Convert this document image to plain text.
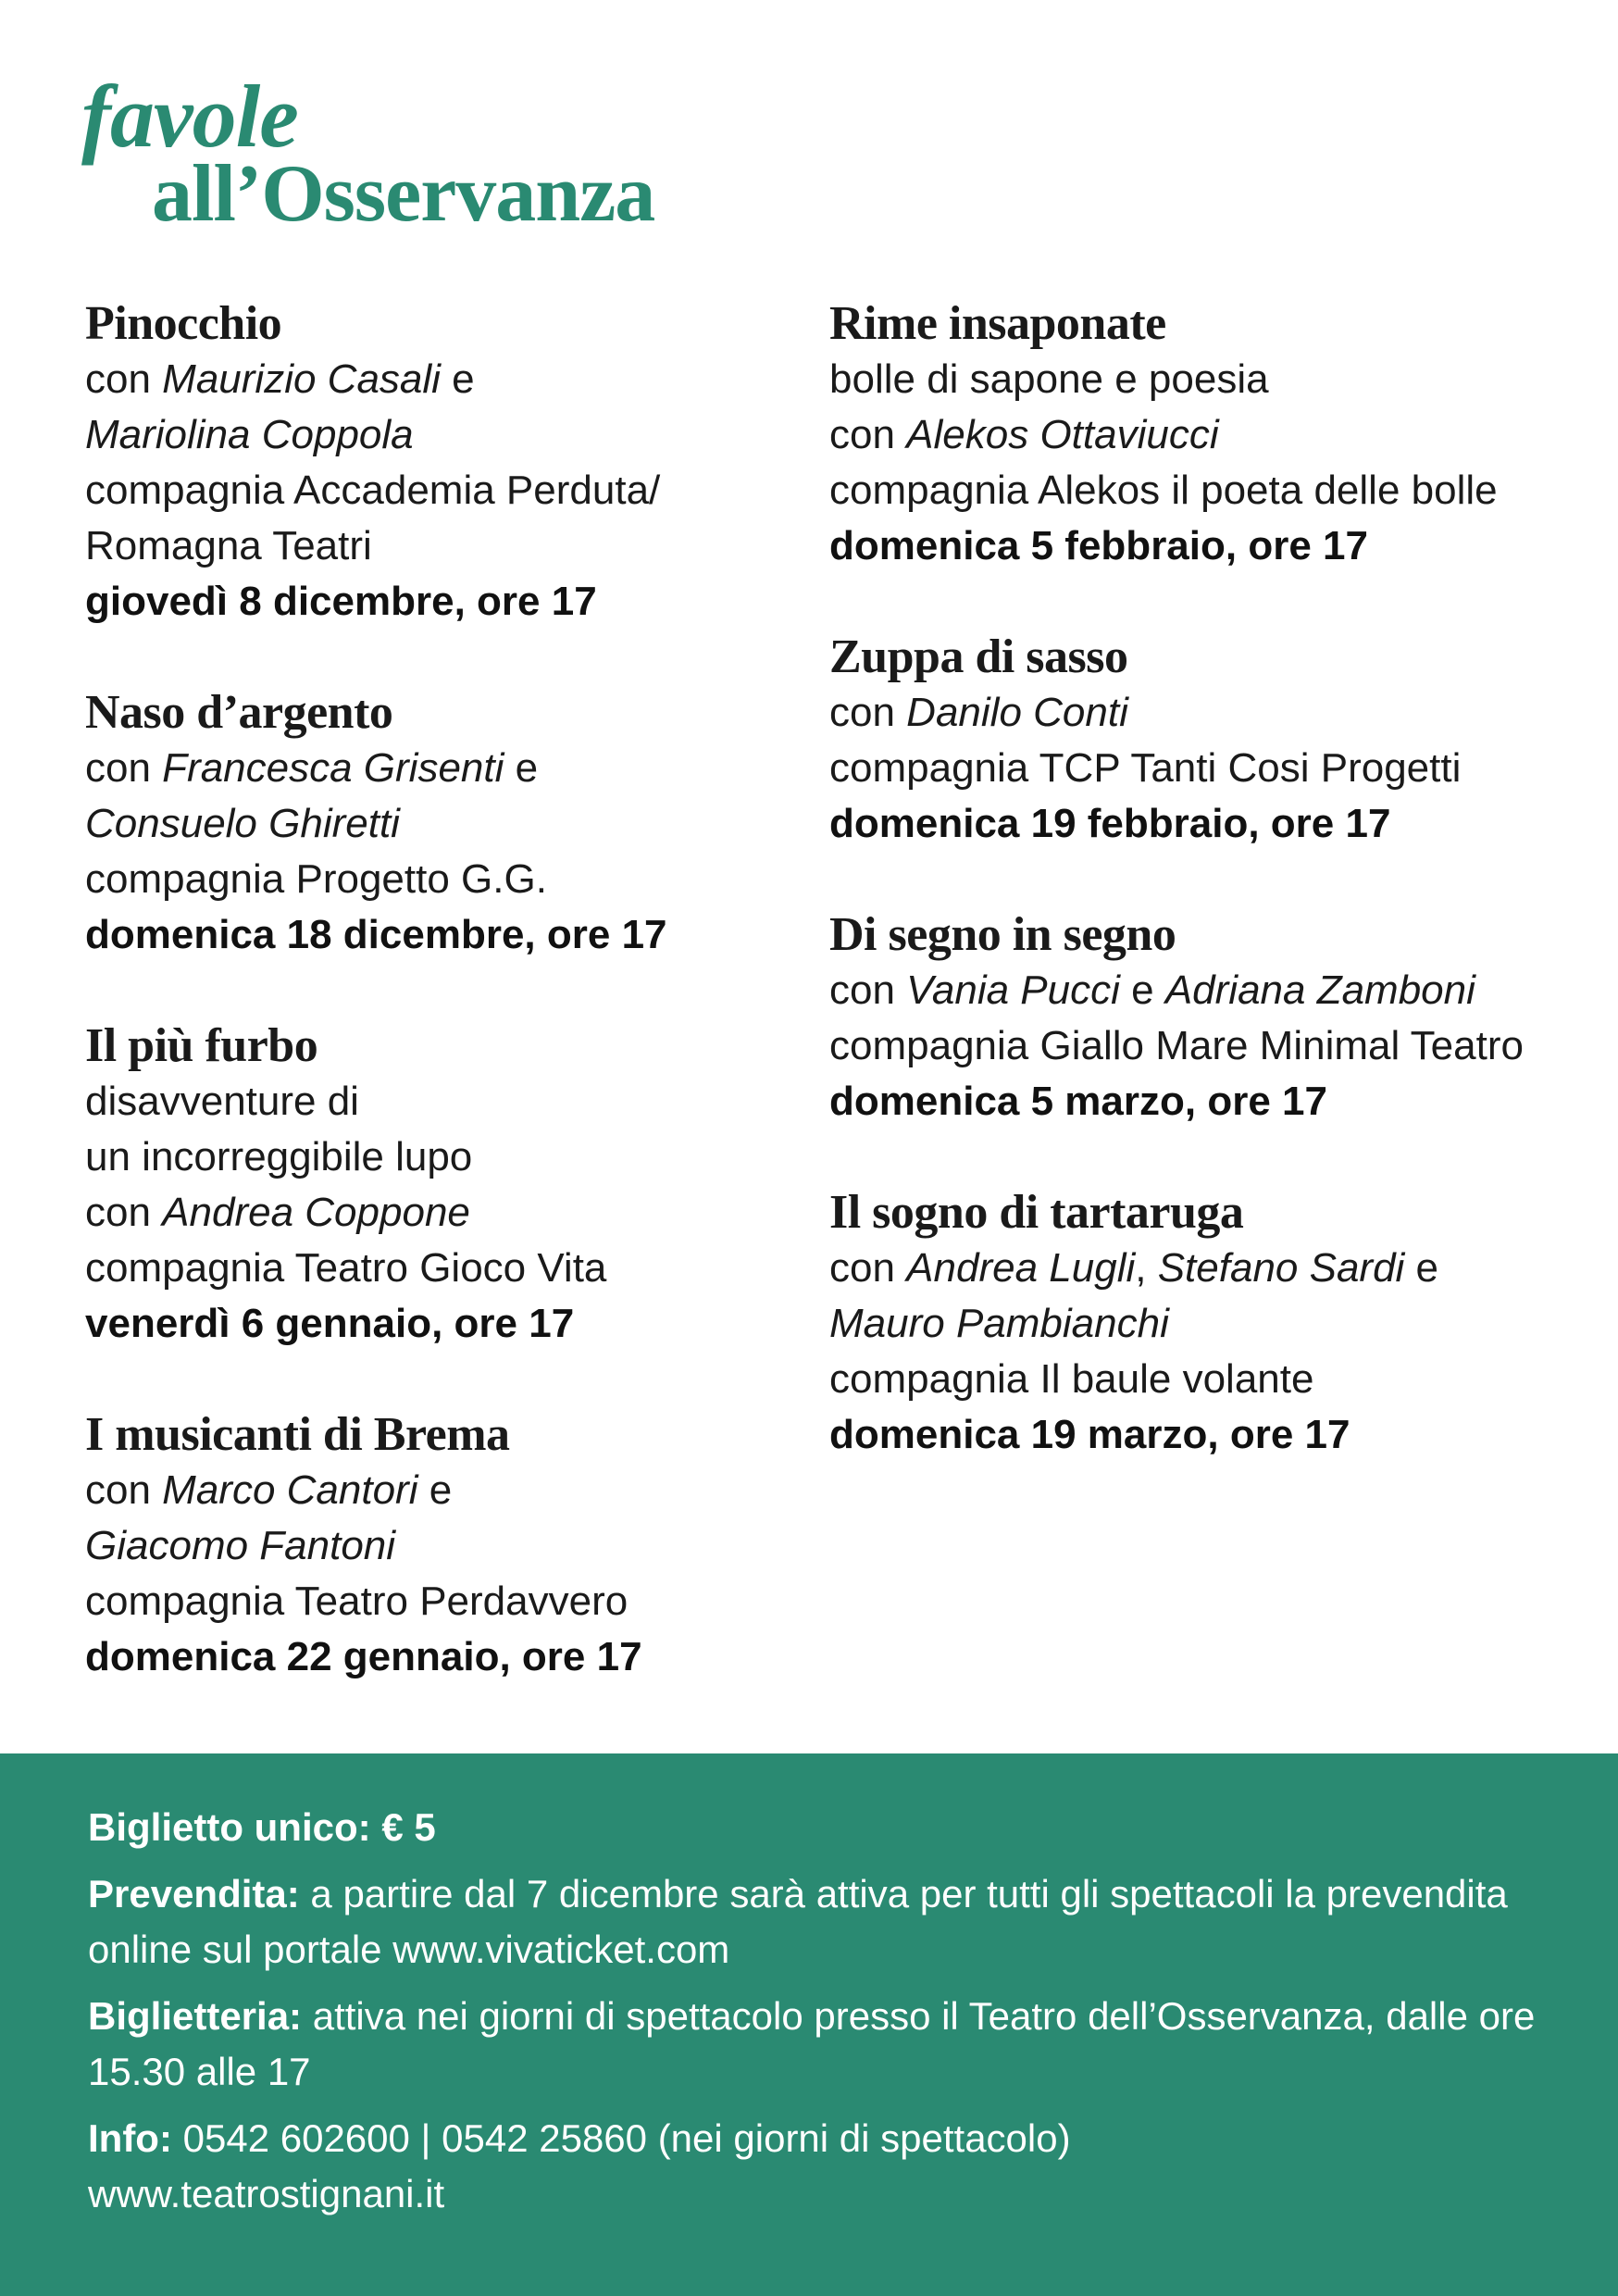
favole
all’Osservanza
Pinocchio
con Maurizio Casali e
Mariolina Coppola
compagnia Accademia Perduta/
Romagna Teatri
giovedì 8 dicembre, ore 17
Naso d’argento
con Francesca Grisenti e
Consuelo Ghiretti
compagnia Progetto G.G.
domenica 18 dicembre, ore 17
Il più furbo
disavventure di
un incorreggibile lupo
con Andrea Coppone
compagnia Teatro Gioco Vita
venerdì 6 gennaio, ore 17
I musicanti di Brema
con Marco Cantori e
Giacomo Fantoni
compagnia Teatro Perdavvero
domenica 22 gennaio, ore 17
Rime insaponate
bolle di sapone e poesia
con Alekos Ottaviucci
compagnia Alekos il poeta delle bolle
domenica 5 febbraio, ore 17
Zuppa di sasso
con Danilo Conti
compagnia TCP Tanti Cosi Progetti
domenica 19 febbraio, ore 17
Di segno in segno
con Vania Pucci e Adriana Zamboni
compagnia Giallo Mare Minimal Teatro
domenica 5 marzo, ore 17
Il sogno di tartaruga
con Andrea Lugli, Stefano Sardi e
Mauro Pambianchi
compagnia Il baule volante
domenica 19 marzo, ore 17

Biglietto unico: € 5

Prevendita: a partire dal 7 dicembre sarà attiva per tutti gli spettacoli la prevendita online sul portale www.vivaticket.com

Biglietteria: attiva nei giorni di spettacolo presso il Teatro dell’Osservanza, dalle ore 15.30 alle 17

Info: 0542 602600 | 0542 25860 (nei giorni di spettacolo)
www.teatrostignani.it
